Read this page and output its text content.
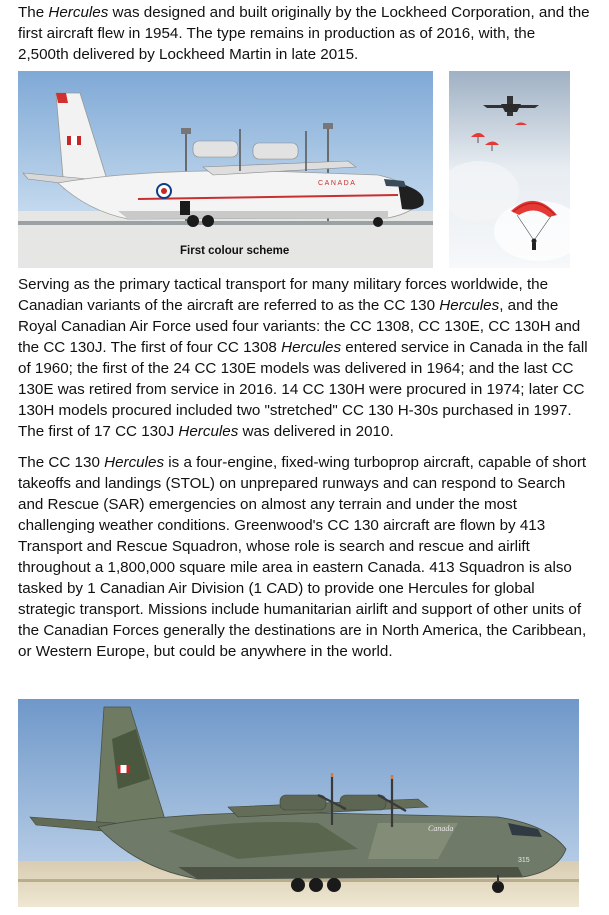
The Hercules was designed and built originally by the Lockheed Corporation, and the first aircraft flew in 1954. The type remains in production as of 2016, with, the 2,500th delivered by Lockheed Martin in late 2015.

C A N A D A
First colour scheme

Serving as the primary tactical transport for many military forces worldwide, the Canadian variants of the aircraft are referred to as the CC 130 Hercules, and the Royal Canadian Air Force used four variants: the CC 1308, CC 130E, CC 130H and the CC 130J. The first of four CC 1308 Hercules entered service in Canada in the fall of 1960; the first of the 24 CC 130E models was delivered in 1964; and the last CC 130E was retired from service in 2016. 14 CC 130H were procured in 1974; later CC 130H models procured included two "stretched" CC 130 H-30s purchased in 1997. The first of 17 CC 130J Hercules was delivered in 2010.

The CC 130 Hercules is a four-engine, fixed-wing turboprop aircraft, capable of short takeoffs and landings (STOL) on unprepared runways and can respond to Search and Rescue (SAR) emergencies on almost any terrain and under the most challenging weather conditions. Greenwood's CC 130 aircraft are flown by 413 Transport and Rescue Squadron, whose role is search and rescue and airlift throughout a 1,800,000 square mile area in eastern Canada. 413 Squadron is also tasked by 1 Canadian Air Division (1 CAD) to provide one Hercules for global strategic transport. Missions include humanitarian airlift and support of other units of the Canadian Forces generally the destinations are in North America, the Caribbean, or Western Europe, but could be anywhere in the world.

Canada
315
